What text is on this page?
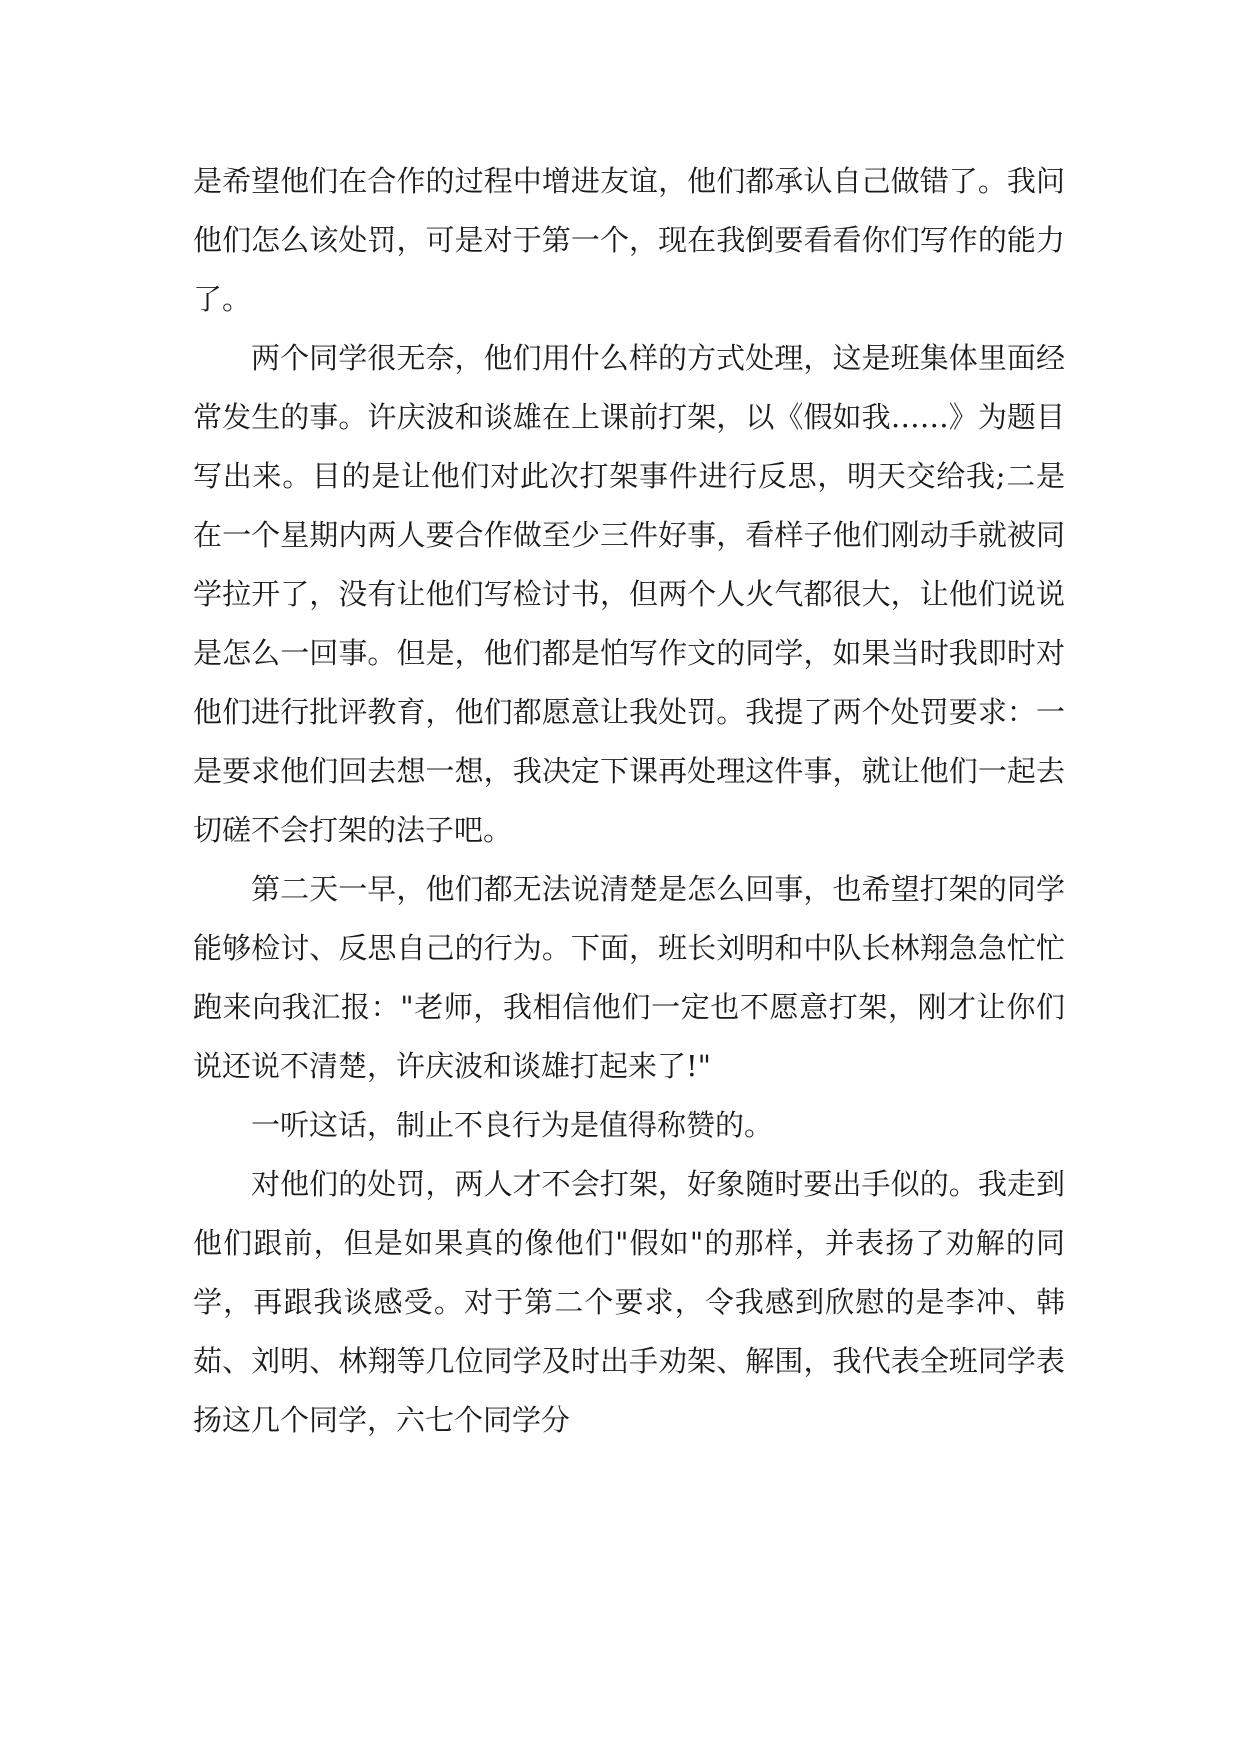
是希望他们在合作的过程中增进友谊，他们都承认自己做错了。我问他们怎么该处罚，可是对于第一个，现在我倒要看看你们写作的能力了。

两个同学很无奈，他们用什么样的方式处理，这是班集体里面经常发生的事。许庆波和谈雄在上课前打架，以《假如我……》为题目写出来。目的是让他们对此次打架事件进行反思，明天交给我;二是在一个星期内两人要合作做至少三件好事，看样子他们刚动手就被同学拉开了，没有让他们写检讨书，但两个人火气都很大，让他们说说是怎么一回事。但是，他们都是怕写作文的同学，如果当时我即时对他们进行批评教育，他们都愿意让我处罚。我提了两个处罚要求：一是要求他们回去想一想，我决定下课再处理这件事，就让他们一起去切磋不会打架的法子吧。

第二天一早，他们都无法说清楚是怎么回事，也希望打架的同学能够检讨、反思自己的行为。下面，班长刘明和中队长林翔急急忙忙跑来向我汇报："老师，我相信他们一定也不愿意打架，刚才让你们说还说不清楚，许庆波和谈雄打起来了!"

一听这话，制止不良行为是值得称赞的。

对他们的处罚，两人才不会打架，好象随时要出手似的。我走到他们跟前，但是如果真的像他们"假如"的那样，并表扬了劝解的同学，再跟我谈感受。对于第二个要求，令我感到欣慰的是李冲、韩茹、刘明、林翔等几位同学及时出手劝架、解围，我代表全班同学表扬这几个同学，六七个同学分
